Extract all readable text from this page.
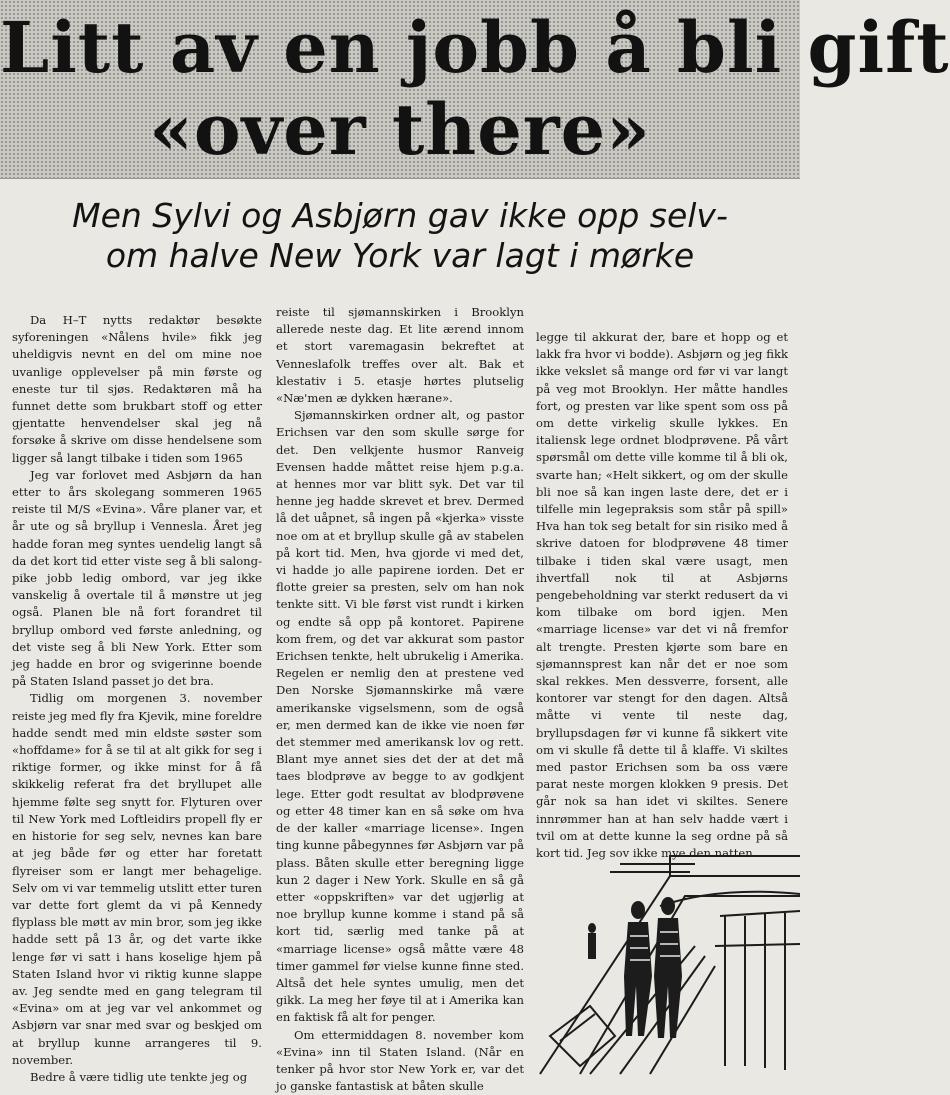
Litt av en jobb å bli gift
«over there»
Men Sylvi og Asbjørn gav ikke opp selv-
om halve New York var lagt i mørke

Da H–T nytts redaktør besøkte syforeningen «Nålens hvile» fikk jeg uheldigvis nevnt en del om mine noe uvanlige opplevelser på min første og eneste tur til sjøs. Redaktøren må ha funnet dette som brukbart stoff og etter gjentatte henvendelser skal jeg nå forsøke å skrive om disse hendelsene som ligger så langt tilbake i tiden som 1965

Jeg var forlovet med Asbjørn da han etter to års skolegang sommeren 1965 reiste til M/S «Evina». Våre planer var, et år ute og så bryllup i Vennesla. Året jeg hadde foran meg syntes uendelig langt så da det kort tid etter viste seg å bli salong-pike jobb ledig ombord, var jeg ikke vanskelig å overtale til å mønstre ut jeg også. Planen ble nå fort forandret til bryllup ombord ved første anledning, og det viste seg å bli New York. Etter som jeg hadde en bror og svigerinne boende på Staten Island passet jo det bra.

Tidlig om morgenen 3. november reiste jeg med fly fra Kjevik, mine foreldre hadde sendt med min eldste søster som «hoffdame» for å se til at alt gikk for seg i riktige former, og ikke minst for å få skikkelig referat fra det bryllupet alle hjemme følte seg snytt for. Flyturen over til New York med Loftleidirs propell fly er en historie for seg selv, nevnes kan bare at jeg både før og etter har foretatt flyreiser som er langt mer behagelige. Selv om vi var temmelig utslitt etter turen var dette fort glemt da vi på Kennedy flyplass ble møtt av min bror, som jeg ikke hadde sett på 13 år, og det varte ikke lenge før vi satt i hans koselige hjem på Staten Island hvor vi riktig kunne slappe av. Jeg sendte med en gang telegram til «Evina» om at jeg var vel ankommet og Asbjørn var snar med svar og beskjed om at bryllup kunne arrangeres til 9. november.

Bedre å være tidlig ute tenkte jeg og

reiste til sjømannskirken i Brooklyn allerede neste dag. Et lite ærend innom et stort varemagasin bekreftet at Venneslafolk treffes over alt. Bak et klestativ i 5. etasje hørtes plutselig «Næ'men æ dykken hærane».

Sjømannskirken ordner alt, og pastor Erichsen var den som skulle sørge for det. Den velkjente husmor Ranveig Evensen hadde måttet reise hjem p.g.a. at hennes mor var blitt syk. Det var til henne jeg hadde skrevet et brev. Dermed lå det uåpnet, så ingen på «kjerka» visste noe om at et bryllup skulle gå av stabelen på kort tid. Men, hva gjorde vi med det, vi hadde jo alle papirene iorden. Det er flotte greier sa presten, selv om han nok tenkte sitt. Vi ble først vist rundt i kirken og endte så opp på kontoret. Papirene kom frem, og det var akkurat som pastor Erichsen tenkte, helt ubrukelig i Amerika. Regelen er nemlig den at prestene ved Den Norske Sjømannskirke må være amerikanske vigselsmenn, som de også er, men dermed kan de ikke vie noen før det stemmer med amerikansk lov og rett. Blant mye annet sies det der at det må taes blodprøve av begge to av godkjent lege. Etter godt resultat av blodprøvene og etter 48 timer kan en så søke om hva de der kaller «marriage license». Ingen ting kunne påbegynnes før Asbjørn var på plass. Båten skulle etter beregning ligge kun 2 dager i New York. Skulle en så gå etter «oppskriften» var det ugjørlig at noe bryllup kunne komme i stand på så kort tid, særlig med tanke på at «marriage license» også måtte være 48 timer gammel før vielse kunne finne sted. Altså det hele syntes umulig, men det gikk. La meg her føye til at i Amerika kan en faktisk få alt for penger.

Om ettermiddagen 8. november kom «Evina» inn til Staten Island. (Når en tenker på hvor stor New York er, var det jo ganske fantastisk at båten skulle

legge til akkurat der, bare et hopp og et lakk fra hvor vi bodde). Asbjørn og jeg fikk ikke vekslet så mange ord før vi var langt på veg mot Brooklyn. Her måtte handles fort, og presten var like spent som oss på om dette virkelig skulle lykkes. En italiensk lege ordnet blodprøvene. På vårt spørsmål om dette ville komme til å bli ok, svarte han; «Helt sikkert, og om der skulle bli noe så kan ingen laste dere, det er i tilfelle min legepraksis som står på spill» Hva han tok seg betalt for sin risiko med å skrive datoen for blodprøvene 48 timer tilbake i tiden skal være usagt, men ihvertfall nok til at Asbjørns pengebeholdning var sterkt redusert da vi kom tilbake om bord igjen. Men «marriage license» var det vi nå fremfor alt trengte. Presten kjørte som bare en sjømannsprest kan når det er noe som skal rekkes. Men dessverre, forsent, alle kontorer var stengt for den dagen. Altså måtte vi vente til neste dag, bryllupsdagen før vi kunne få sikkert vite om vi skulle få dette til å klaffe. Vi skiltes med pastor Erichsen som ba oss være parat neste morgen klokken 9 presis. Det går nok sa han idet vi skiltes. Senere innrømmer han at han selv hadde vært i tvil om at dette kunne la seg ordne på så kort tid. Jeg sov ikke mye den natten.
